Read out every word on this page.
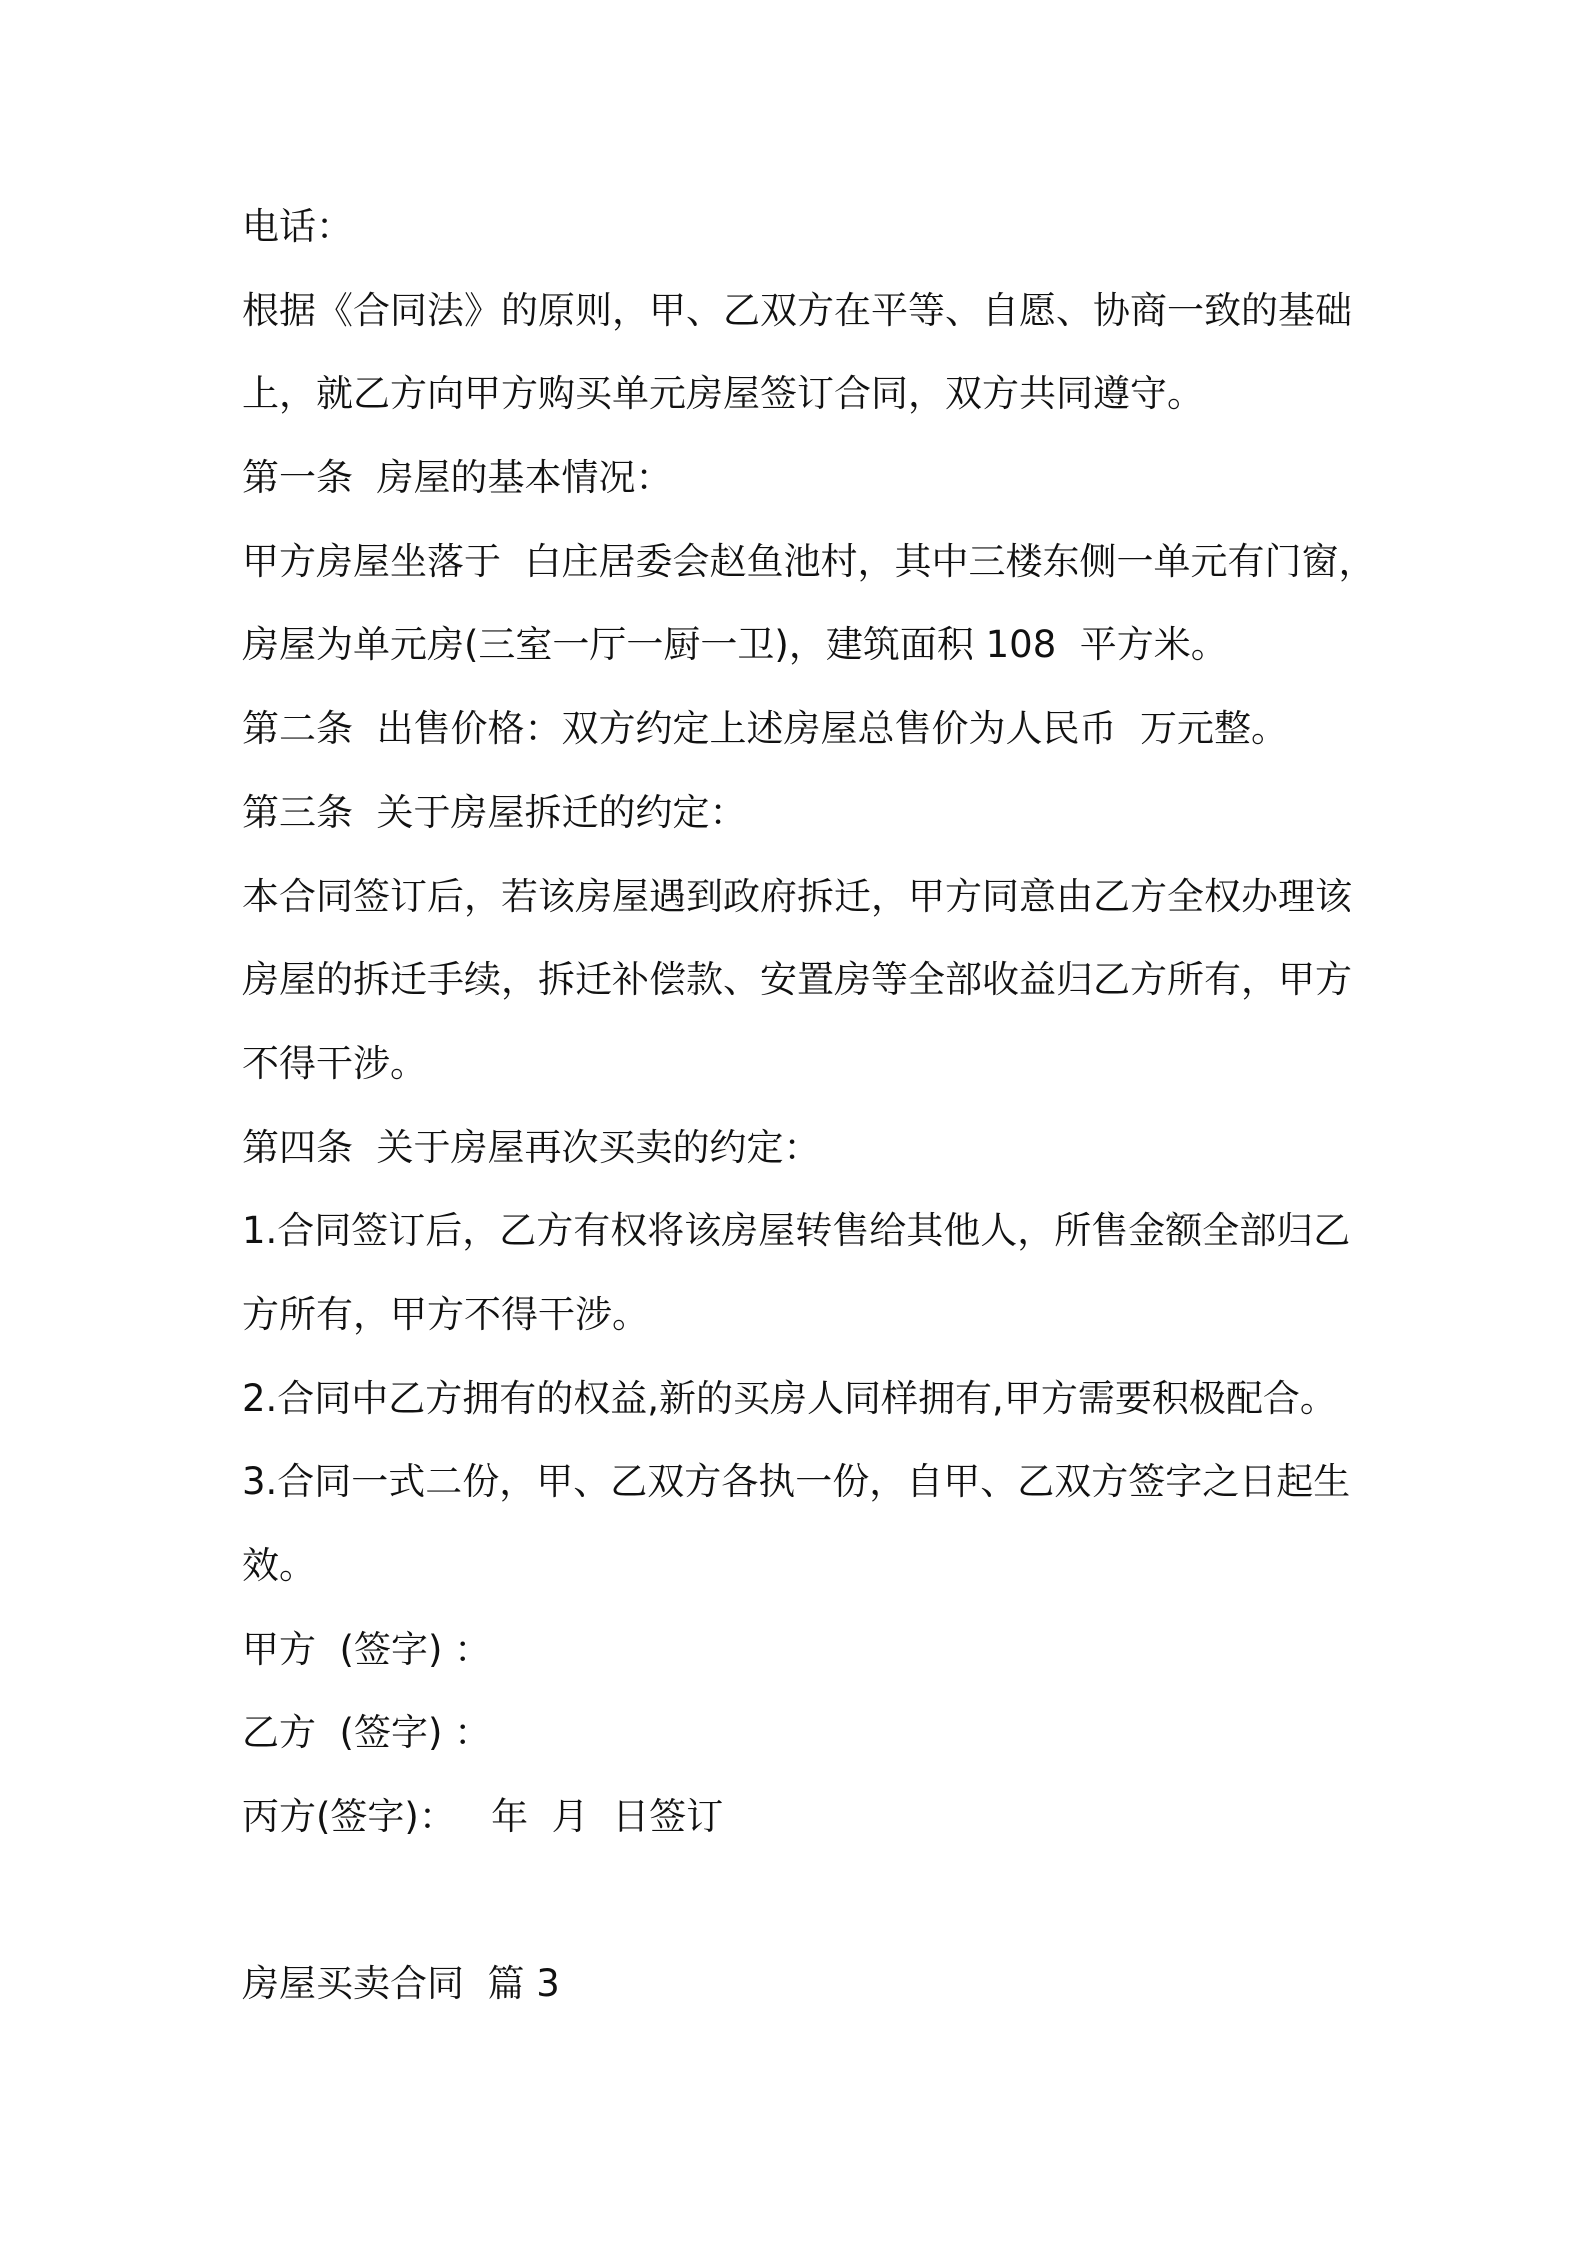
电话：
根据《合同法》的原则，甲、乙双方在平等、自愿、协商一致的基础
上，就乙方向甲方购买单元房屋签订合同，双方共同遵守。
第一条  房屋的基本情况：
甲方房屋坐落于  白庄居委会赵鱼池村，其中三楼东侧一单元有门窗，
房屋为单元房(三室一厅一厨一卫)，建筑面积 108  平方米。
第二条  出售价格：双方约定上述房屋总售价为人民币  万元整。
第三条  关于房屋拆迁的约定：
本合同签订后，若该房屋遇到政府拆迁，甲方同意由乙方全权办理该
房屋的拆迁手续，拆迁补偿款、安置房等全部收益归乙方所有，甲方
不得干涉。
第四条  关于房屋再次买卖的约定：
1.合同签订后，乙方有权将该房屋转售给其他人，所售金额全部归乙
方所有，甲方不得干涉。
2.合同中乙方拥有的权益,新的买房人同样拥有,甲方需要积极配合。
3.合同一式二份，甲、乙双方各执一份，自甲、乙双方签字之日起生
效。
甲方  (签字) ：
乙方  (签字) ：
丙方(签字)：   年  月  日签订
房屋买卖合同  篇 3
